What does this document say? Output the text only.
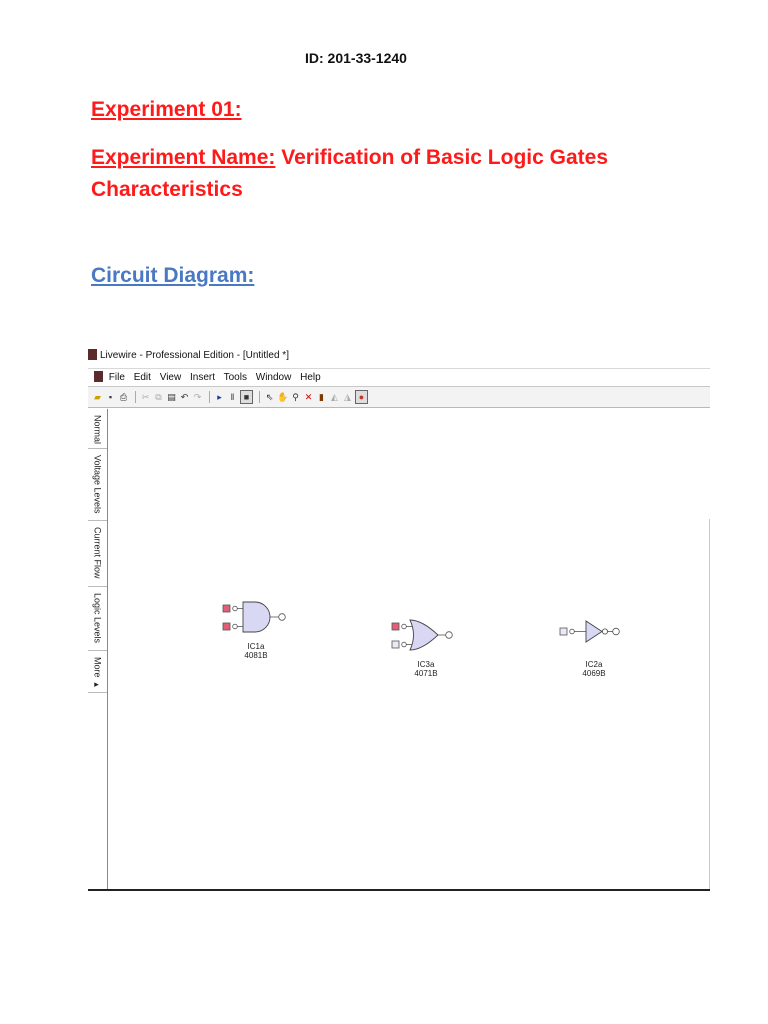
ID: 201-33-1240
Experiment 01:
Experiment Name: Verification of Basic Logic Gates Characteristics
Circuit Diagram:
Livewire - Professional Edition - [Untitled *]
File Edit View Insert Tools Window Help
▰ ▪ ⎙ ✂ ⧉ ▤ ↶ ↷	▸ ‖	■	⇖ ✋ ⚲ ✕ ▮ ◭ ◮ ●
Normal
Voltage Levels
Current Flow
Logic Levels
More ▸
IC1a
4081B
IC3a
4071B
IC2a
4069B
